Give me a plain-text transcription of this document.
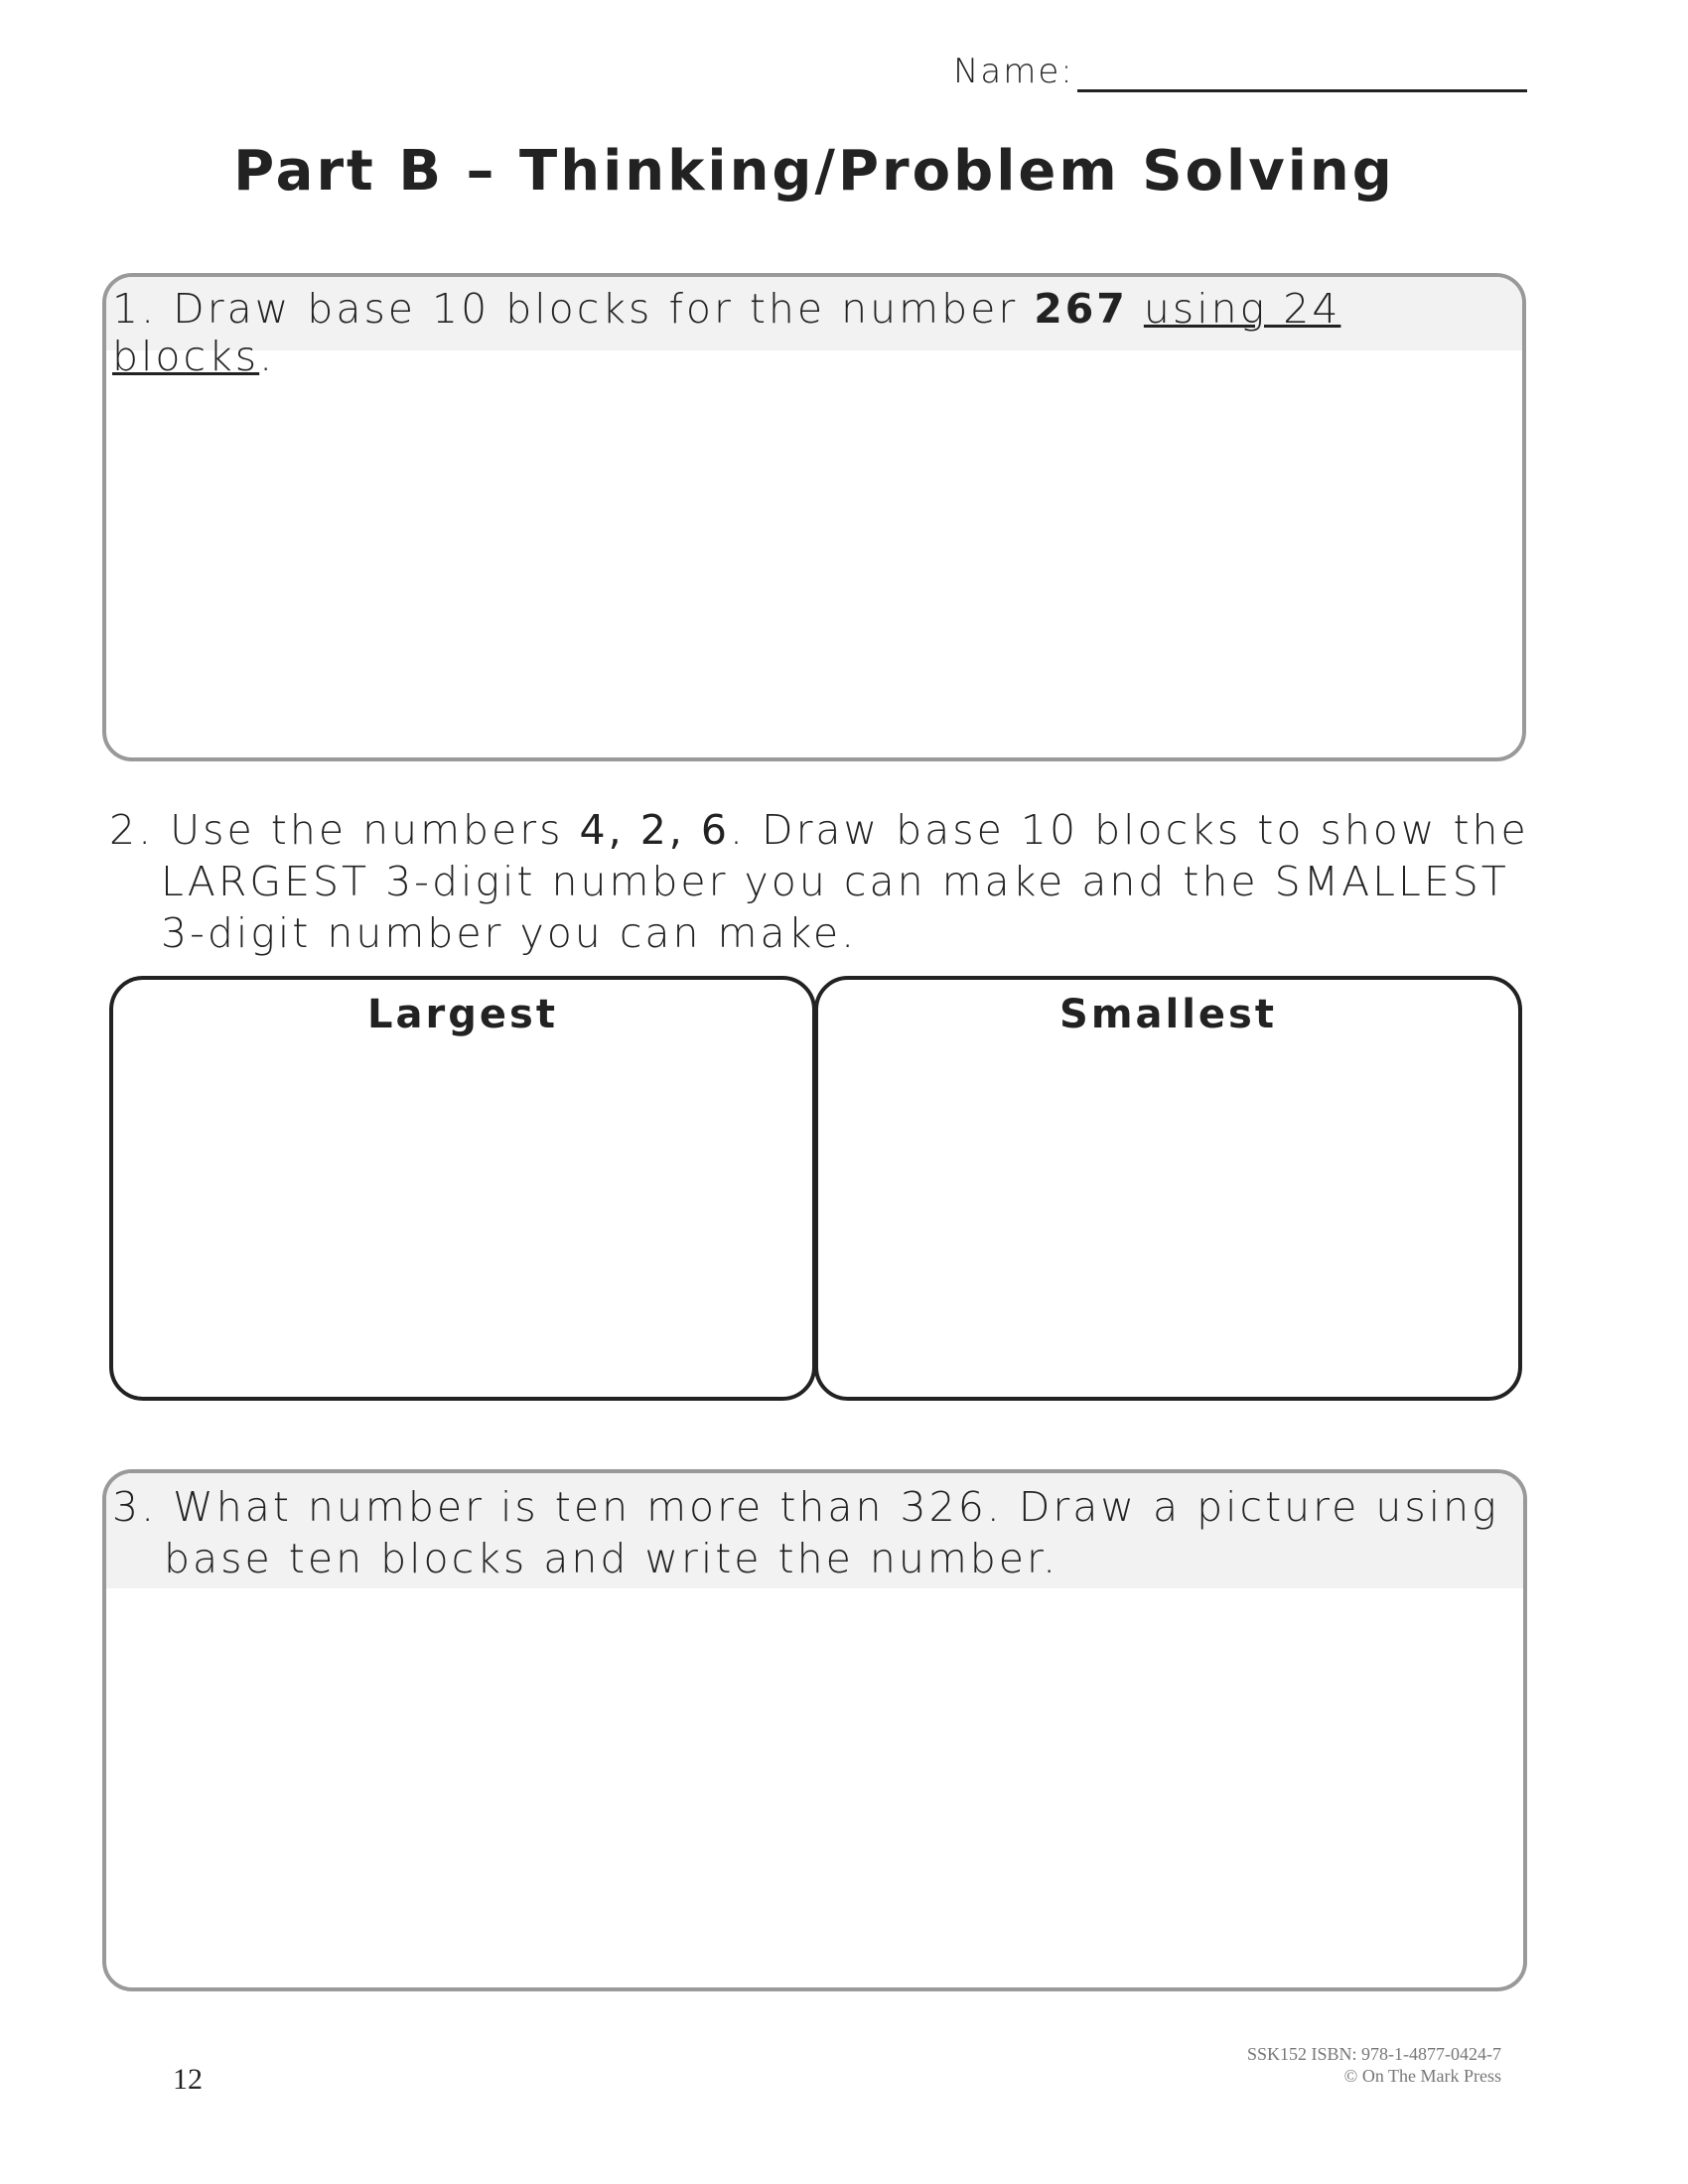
Name:
Part B – Thinking/Problem Solving
1. Draw base 10 blocks for the number 267 using 24 blocks.
2. Use the numbers 4, 2, 6. Draw base 10 blocks to show the
LARGEST 3-digit number you can make and the SMALLEST
3-digit number you can make.
Largest	Smallest
3. What number is ten more than 326. Draw a picture using
base ten blocks and write the number.
12
SSK152 ISBN: 978-1-4877-0424-7
© On The Mark Press
